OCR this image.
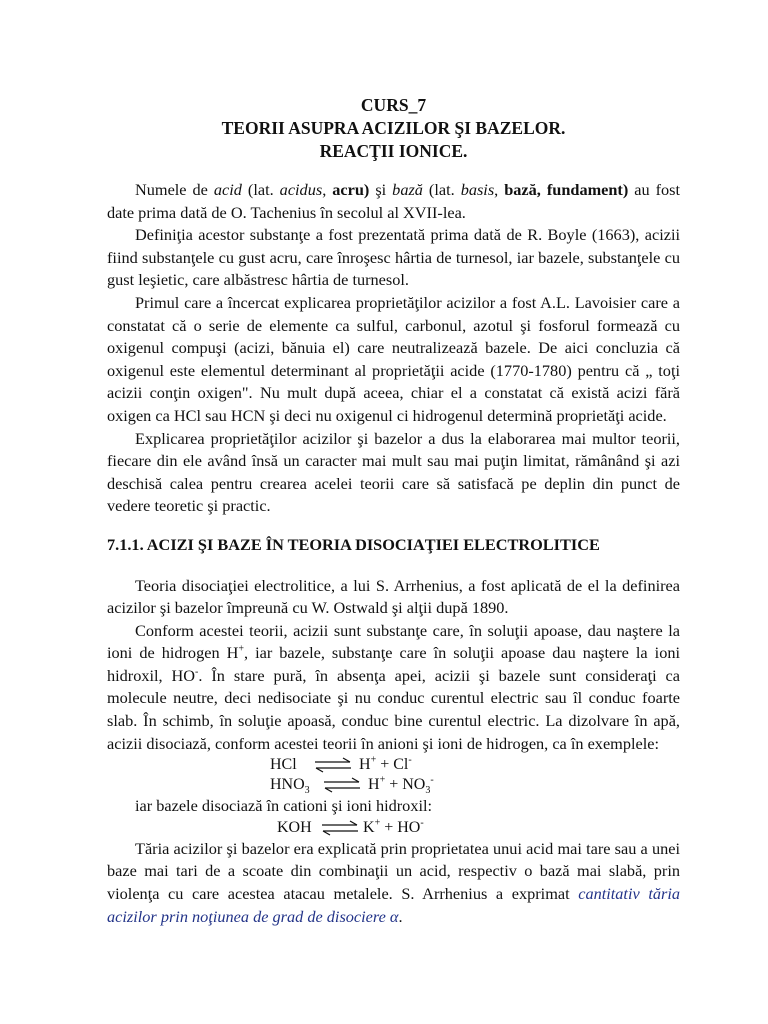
CURS_7
TEORII ASUPRA ACIZILOR ŞI BAZELOR.
REACŢII IONICE.

Numele de acid (lat. acidus, acru) şi bază (lat. basis, bază, fundament) au fost date prima dată de O. Tachenius în secolul al XVII-lea.

Definiţia acestor substanţe a fost prezentată prima dată de R. Boyle (1663), acizii fiind substanţele cu gust acru, care înroşesc hârtia de turnesol, iar bazele, substanţele cu gust leşietic, care albăstresc hârtia de turnesol.

Primul care a încercat explicarea proprietăţilor acizilor a fost A.L. Lavoisier care a constatat că o serie de elemente ca sulful, carbonul, azotul şi fosforul formează cu oxigenul compuşi (acizi, bănuia el) care neutralizează bazele. De aici concluzia că oxigenul este elementul determinant al proprietăţii acide (1770-1780) pentru că „ toţi acizii conţin oxigen". Nu mult după aceea, chiar el a constatat că există acizi fără oxigen ca HCl sau HCN şi deci nu oxigenul ci hidrogenul determină proprietăţi acide.

Explicarea proprietăţilor acizilor şi bazelor a dus la elaborarea mai multor teorii, fiecare din ele având însă un caracter mai mult sau mai puţin limitat, rămânând şi azi deschisă calea pentru crearea acelei teorii care să satisfacă pe deplin din punct de vedere teoretic şi practic.

7.1.1. ACIZI ŞI BAZE ÎN TEORIA DISOCIAŢIEI ELECTROLITICE

Teoria disociaţiei electrolitice, a lui S. Arrhenius, a fost aplicată de el la definirea acizilor şi bazelor împreună cu W. Ostwald şi alţii după 1890.

Conform acestei teorii, acizii sunt substanţe care, în soluţii apoase, dau naştere la ioni de hidrogen H+, iar bazele, substanţe care în soluţii apoase dau naştere la ioni hidroxil, HO-. În stare pură, în absenţa apei, acizii şi bazele sunt consideraţi ca molecule neutre, deci nedisociate şi nu conduc curentul electric sau îl conduc foarte slab. În schimb, în soluţie apoasă, conduc bine curentul electric. La dizolvare în apă, acizii disociază, conform acestei teorii în anioni şi ioni de hidrogen, ca în exemplele:

HCl ⇌ H+ + Cl-
$HNO_3$ ⇌ $H^+ + NO_3^-$

iar bazele disociază în cationi şi ioni hidroxil:

KOH ⇌ K+ + HO-

Tăria acizilor şi bazelor era explicată prin proprietatea unui acid mai tare sau a unei baze mai tari de a scoate din combinaţii un acid, respectiv o bază mai slabă, prin violenţa cu care acestea atacau metalele. S. Arrhenius a exprimat cantitativ tăria acizilor prin noţiunea de grad de disociere α.
